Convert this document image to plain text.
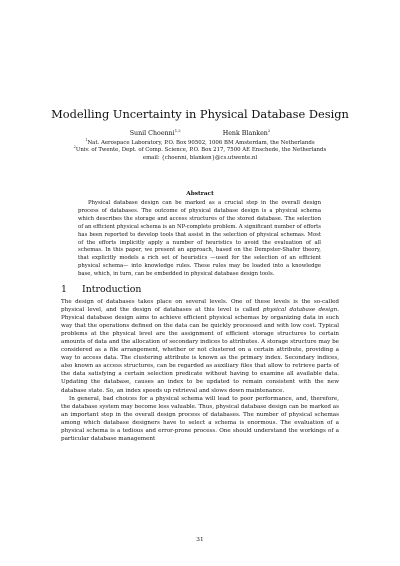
Modelling Uncertainty in Physical Database Design
Sunil Choenni$^{1,2}$	Henk Blanken$^2$
$^1$Nat. Aerospace Laboratory, P.O. Box 90502, 1006 BM Amsterdam, the Netherlands
$^2$Univ. of Twente, Dept. of Comp. Science, P.O. Box 217, 7500 AE Enschede, the Netherlands
email: {choenni, blanken}@cs.utwente.nl
Abstract
Physical database design can be marked as a crucial step in the overall design process of databases. The outcome of physical database design is a physical schema which describes the storage and access structures of the stored database. The selection of an efficient physical schema is an NP-complete problem. A significant number of efforts has been reported to develop tools that assist in the selection of physical schemas. Most of the efforts implicitly apply a number of heuristics to avoid the evaluation of all schemas. In this paper, we present an approach, based on the Dempster-Shafer theory, that explicitly models a rich set of heuristics —used for the selection of an efficient physical schema— into knowledge rules. These rules may be loaded into a knowledge base, which, in turn, can be embedded in physical database design tools.
1 Introduction

The design of databases takes place on several levels. One of these levels is the so-called physical level, and the design of databases at this level is called physical database design. Physical database design aims to achieve efficient physical schemas by organizing data in such way that the operations defined on the data can be quickly processed and with low cost. Typical problems at the physical level are the assignment of efficient storage structures to certain amounts of data and the allocation of secondary indices to attributes. A storage structure may be considered as a file arrangement, whether or not clustered on a certain attribute, providing a way to access data. The clustering attribute is known as the primary index. Secondary indices, also known as access structures, can be regarded as auxiliary files that allow to retrieve parts of the data satisfying a certain selection predicate without having to examine all available data. Updating the database, causes an index to be updated to remain consistent with the new database state. So, an index speeds up retrieval and slows down maintenance.

In general, bad choices for a physical schema will lead to poor performance, and, therefore, the database system may become less valuable. Thus, physical database design can be marked as an important step in the overall design process of databases. The number of physical schemas among which database designers have to select a schema is enormous. The evaluation of a physical schema is a tedious and error-prone process. One should understand the workings of a particular database management

31
